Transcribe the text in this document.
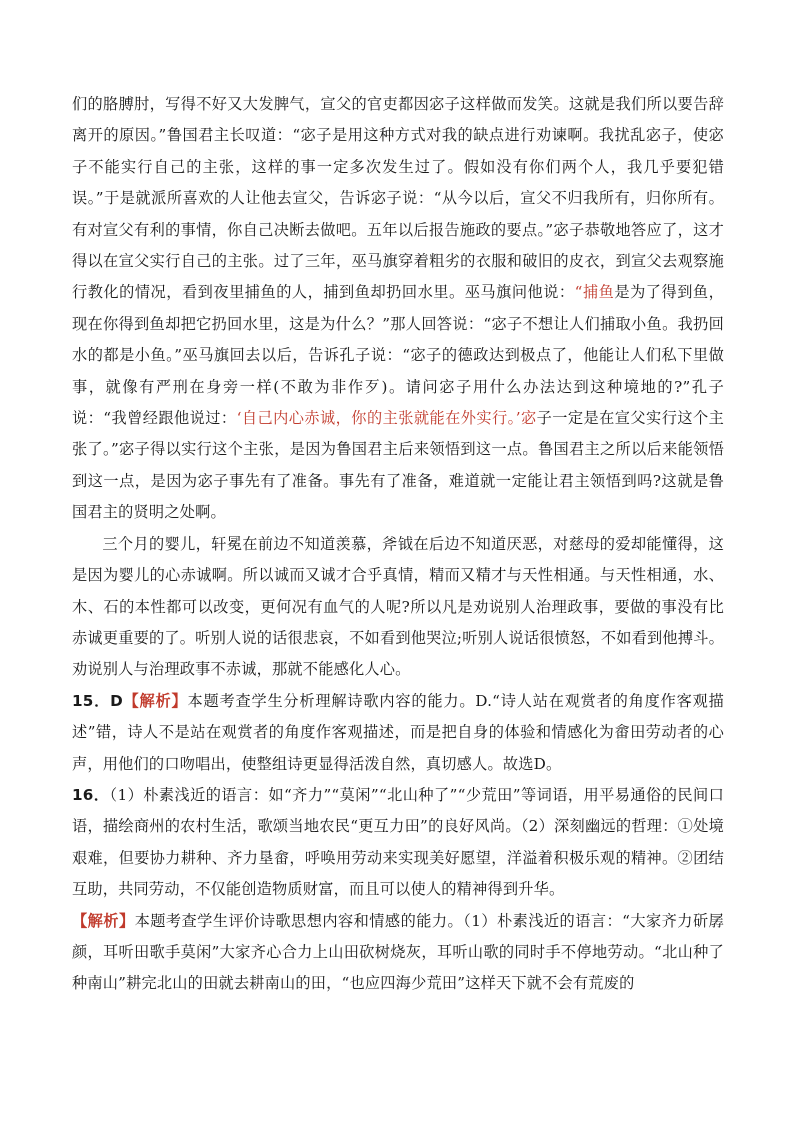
们的胳膊肘，写得不好又大发脾气，宣父的官吏都因宓子这样做而发笑。这就是我们所以要告辞离开的原因。”鲁国君主长叹道：“宓子是用这种方式对我的缺点进行劝谏啊。我扰乱宓子，使宓子不能实行自己的主张，这样的事一定多次发生过了。假如没有你们两个人，我几乎要犯错误。”于是就派所喜欢的人让他去宣父，告诉宓子说：“从今以后，宣父不归我所有，归你所有。有对宣父有利的事情，你自己决断去做吧。五年以后报告施政的要点。”宓子恭敬地答应了，这才得以在宣父实行自己的主张。过了三年，巫马旗穿着粗劣的衣服和破旧的皮衣，到宣父去观察施行教化的情况，看到夜里捕鱼的人，捕到鱼却扔回水里。巫马旗问他说：“捕鱼是为了得到鱼，现在你得到鱼却把它扔回水里，这是为什么？”那人回答说：“宓子不想让人们捕取小鱼。我扔回水的都是小鱼。”巫马旗回去以后，告诉孔子说：“宓子的德政达到极点了，他能让人们私下里做事，就像有严刑在身旁一样(不敢为非作歹)。请问宓子用什么办法达到这种境地的?”孔子说：“我曾经跟他说过：‘自己内心赤诚，你的主张就能在外实行。’宓子一定是在宣父实行这个主张了。”宓子得以实行这个主张，是因为鲁国君主后来领悟到这一点。鲁国君主之所以后来能领悟到这一点，是因为宓子事先有了准备。事先有了准备，难道就一定能让君主领悟到吗?这就是鲁国君主的贤明之处啊。

三个月的婴儿，轩冕在前边不知道羡慕，斧钺在后边不知道厌恶，对慈母的爱却能懂得，这是因为婴儿的心赤诚啊。所以诚而又诚才合乎真情，精而又精才与天性相通。与天性相通，水、木、石的本性都可以改变，更何况有血气的人呢?所以凡是劝说别人治理政事，要做的事没有比赤诚更重要的了。听别人说的话很悲哀，不如看到他哭泣;听别人说话很愤怒，不如看到他搏斗。劝说别人与治理政事不赤诚，那就不能感化人心。

15．D【解析】本题考查学生分析理解诗歌内容的能力。D.“诗人站在观赏者的角度作客观描述”错，诗人不是站在观赏者的角度作客观描述，而是把自身的体验和情感化为畲田劳动者的心声，用他们的口吻唱出，使整组诗更显得活泼自然，真切感人。故选D。

16．（1）朴素浅近的语言：如“齐力”“莫闲”“北山种了”“少荒田”等词语，用平易通俗的民间口语，描绘商州的农村生活，歌颂当地农民“更互力田”的良好风尚。（2）深刻幽远的哲理：①处境艰难，但要协力耕种、齐力垦畲，呼唤用劳动来实现美好愿望，洋溢着积极乐观的精神。②团结互助，共同劳动，不仅能创造物质财富，而且可以使人的精神得到升华。

【解析】本题考查学生评价诗歌思想内容和情感的能力。（1）朴素浅近的语言：“大家齐力斫孱颜，耳听田歌手莫闲”大家齐心合力上山田砍树烧灰，耳听山歌的同时手不停地劳动。“北山种了种南山”耕完北山的田就去耕南山的田，“也应四海少荒田”这样天下就不会有荒废的
